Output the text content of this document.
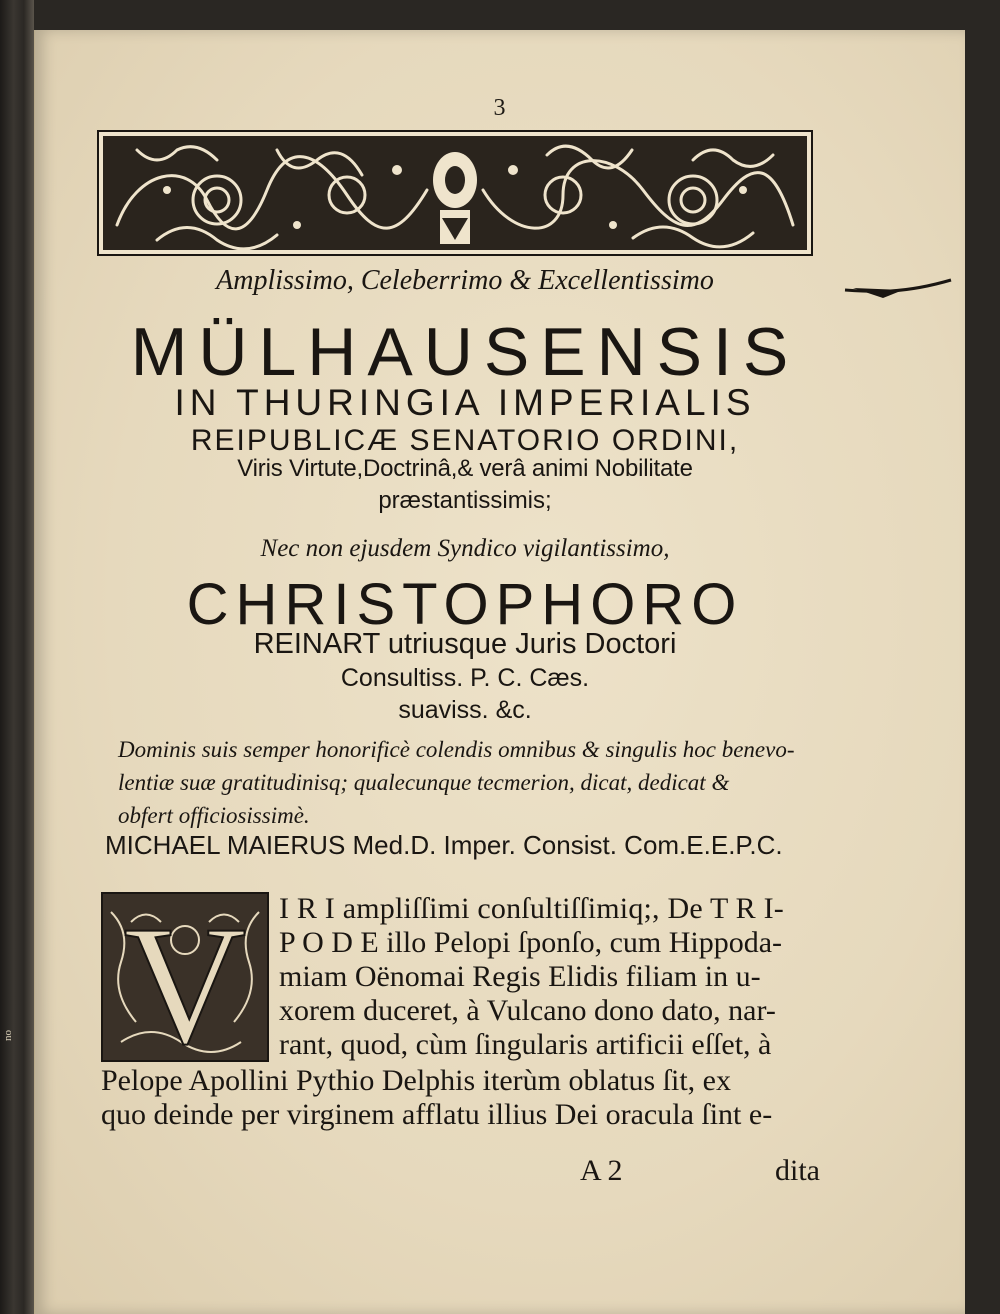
no
3
Amplissimo, Celeberrimo & Excellentissimo
MÜLHAUSENSIS
IN THURINGIA IMPERIALIS
REIPUBLICÆ SENATORIO ORDINI,
Viris Virtute,Doctrinâ,& verâ animi Nobilitate
præstantissimis;
Nec non ejusdem Syndico vigilantissimo,
CHRISTOPHORO
REINART utriusque Juris Doctori
Consultiss. P. C. Cæs.
suaviss. &c.
Dominis suis semper honorificè colendis omnibus & singulis hoc benevo-
lentiæ suæ gratitudinisq; qualecunque tecmerion, dicat, dedicat &
obfert officiosissimè.
MICHAEL MAIERUS Med.D. Imper. Consist. Com.E.E.P.C.
V I R I ampliſſimi conſultiſſimiq;, De T R I-
P O D E illo Pelopi ſponſo, cum Hippoda-
miam Oënomai Regis Elidis filiam in u-
xorem duceret, à Vulcano dono dato, nar-
rant, quod, cùm ſingularis artificii eſſet, à
Pelope Apollini Pythio Delphis iterùm oblatus ſit, ex
quo deinde per virginem afflatu illius Dei oracula ſint e-
A 2	dita
